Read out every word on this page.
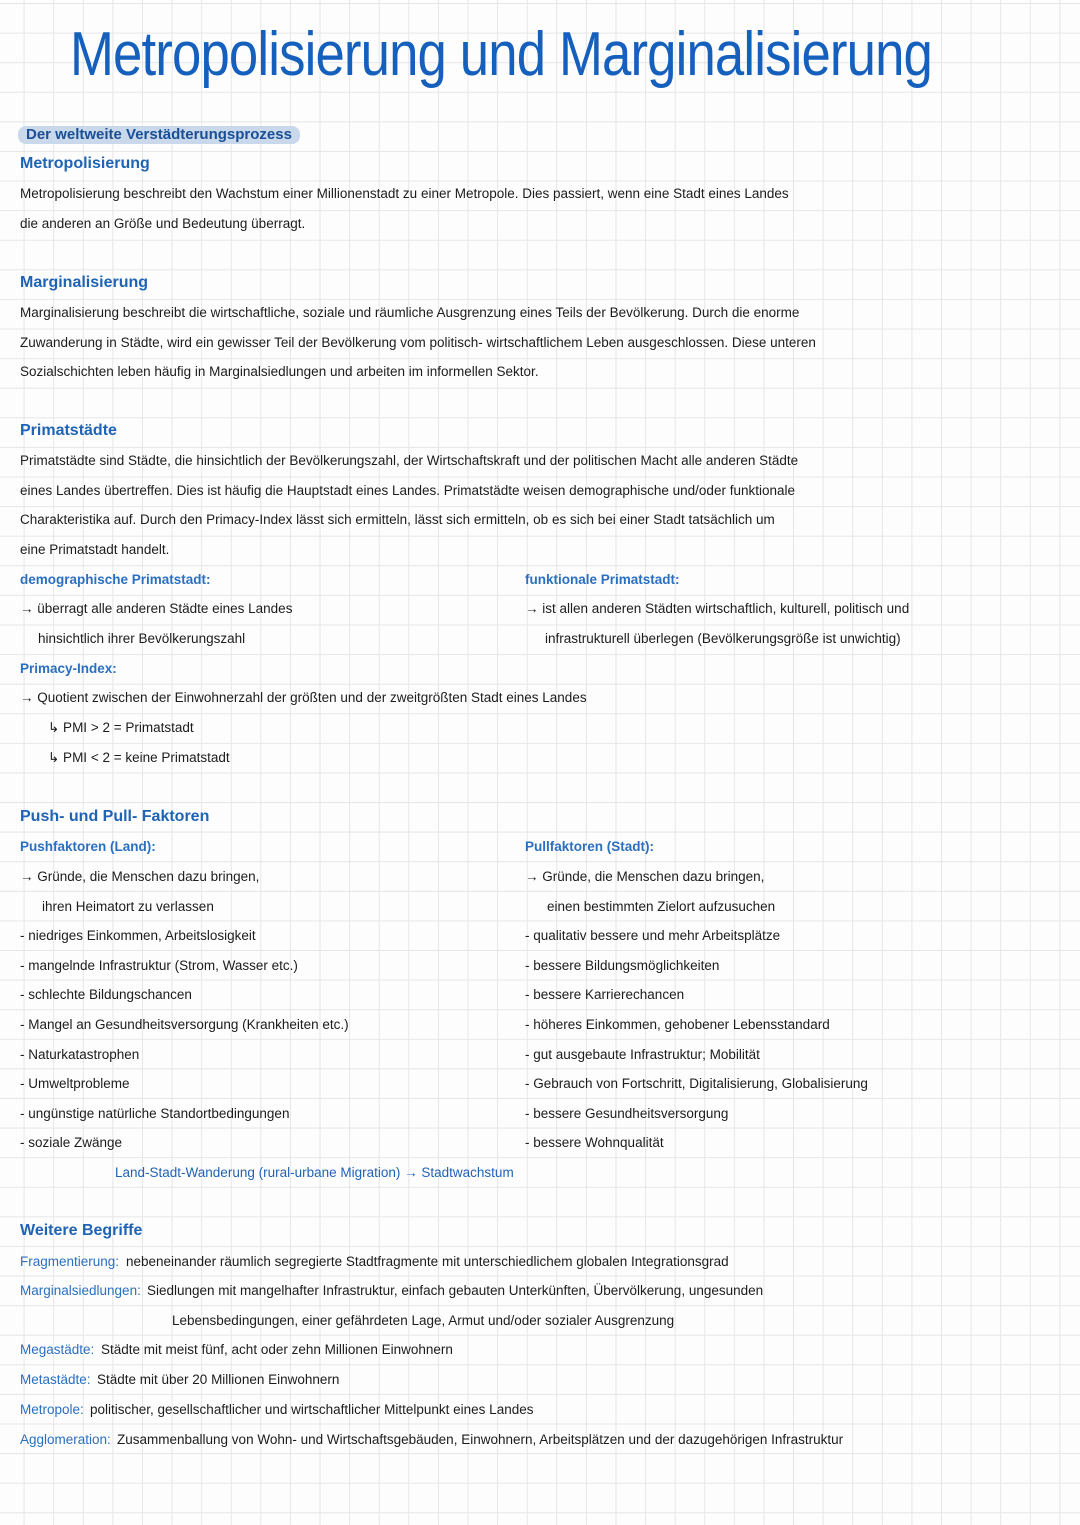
Metropolisierung und Marginalisierung
Der weltweite Verstädterungsprozess
Metropolisierung
Metropolisierung beschreibt den Wachstum einer Millionenstadt zu einer Metropole. Dies passiert, wenn eine Stadt eines Landes
die anderen an Größe und Bedeutung überragt.
Marginalisierung
Marginalisierung beschreibt die wirtschaftliche, soziale und räumliche Ausgrenzung eines Teils der Bevölkerung. Durch die enorme
Zuwanderung in Städte, wird ein gewisser Teil der Bevölkerung vom politisch- wirtschaftlichem Leben ausgeschlossen. Diese unteren
Sozialschichten leben häufig in Marginalsiedlungen und arbeiten im informellen Sektor.
Primatstädte
Primatstädte sind Städte, die hinsichtlich der Bevölkerungszahl, der Wirtschaftskraft und der politischen Macht alle anderen Städte
eines Landes übertreffen. Dies ist häufig die Hauptstadt eines Landes. Primatstädte weisen demographische und/oder funktionale
Charakteristika auf. Durch den Primacy-Index lässt sich ermitteln, lässt sich ermitteln, ob es sich bei einer Stadt tatsächlich um
eine Primatstadt handelt.
demographische Primatstadt:
→ überragt alle anderen Städte eines Landes
hinsichtlich ihrer Bevölkerungszahl
funktionale Primatstadt:
→ ist allen anderen Städten wirtschaftlich, kulturell, politisch und
infrastrukturell überlegen (Bevölkerungsgröße ist unwichtig)
Primacy-Index:
→ Quotient zwischen der Einwohnerzahl der größten und der zweitgrößten Stadt eines Landes
↳ PMI > 2 = Primatstadt
↳ PMI < 2 = keine Primatstadt
Push- und Pull- Faktoren
Pushfaktoren (Land):	Pullfaktoren (Stadt):
→ Gründe, die Menschen dazu bringen,
ihren Heimatort zu verlassen
- niedriges Einkommen, Arbeitslosigkeit
- mangelnde Infrastruktur (Strom, Wasser etc.)
- schlechte Bildungschancen
- Mangel an Gesundheitsversorgung (Krankheiten etc.)
- Naturkatastrophen
- Umweltprobleme
- ungünstige natürliche Standortbedingungen
- soziale Zwänge
→ Gründe, die Menschen dazu bringen,
einen bestimmten Zielort aufzusuchen
- qualitativ bessere und mehr Arbeitsplätze
- bessere Bildungsmöglichkeiten
- bessere Karrierechancen
- höheres Einkommen, gehobener Lebensstandard
- gut ausgebaute Infrastruktur; Mobilität
- Gebrauch von Fortschritt, Digitalisierung, Globalisierung
- bessere Gesundheitsversorgung
- bessere Wohnqualität
Land-Stadt-Wanderung (rural-urbane Migration) → Stadtwachstum
Weitere Begriffe
Fragmentierung: nebeneinander räumlich segregierte Stadtfragmente mit unterschiedlichem globalen Integrationsgrad
Marginalsiedlungen: Siedlungen mit mangelhafter Infrastruktur, einfach gebauten Unterkünften, Übervölkerung, ungesunden
Lebensbedingungen, einer gefährdeten Lage, Armut und/oder sozialer Ausgrenzung
Megastädte: Städte mit meist fünf, acht oder zehn Millionen Einwohnern
Metastädte: Städte mit über 20 Millionen Einwohnern
Metropole: politischer, gesellschaftlicher und wirtschaftlicher Mittelpunkt eines Landes
Agglomeration: Zusammenballung von Wohn- und Wirtschaftsgebäuden, Einwohnern, Arbeitsplätzen und der dazugehörigen Infrastruktur
